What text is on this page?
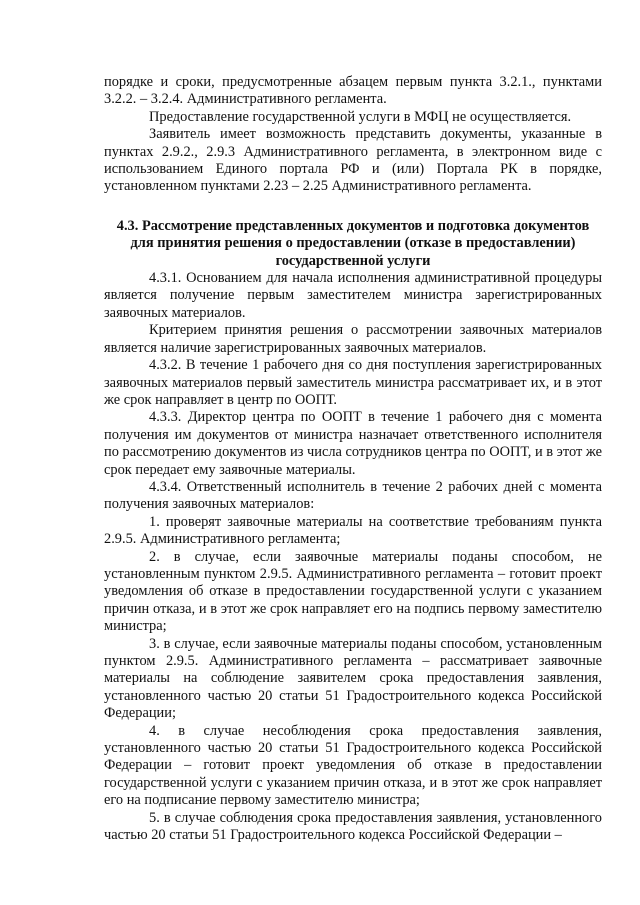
порядке и сроки, предусмотренные абзацем первым пункта 3.2.1., пунктами 3.2.2. – 3.2.4. Административного регламента.

Предоставление государственной услуги в МФЦ не осуществляется.

Заявитель имеет возможность представить документы, указанные в пунктах 2.9.2., 2.9.3 Административного регламента, в электронном виде с использованием Единого портала РФ и (или) Портала РК в порядке, установленном пунктами 2.23 – 2.25 Административного регламента.

4.3. Рассмотрение представленных документов и подготовка документов для принятия решения о предоставлении (отказе в предоставлении) государственной услуги

4.3.1. Основанием для начала исполнения административной процедуры является получение первым заместителем министра зарегистрированных заявочных материалов.

Критерием принятия решения о рассмотрении заявочных материалов является наличие зарегистрированных заявочных материалов.

4.3.2. В течение 1 рабочего дня со дня поступления зарегистрированных заявочных материалов первый заместитель министра рассматривает их, и в этот же срок направляет в центр по ООПТ.

4.3.3. Директор центра по ООПТ в течение 1 рабочего дня с момента получения им документов от министра назначает ответственного исполнителя по рассмотрению документов из числа сотрудников центра по ООПТ, и в этот же срок передает ему заявочные материалы.

4.3.4. Ответственный исполнитель в течение 2 рабочих дней с момента получения заявочных материалов:

1. проверят заявочные материалы на соответствие требованиям пункта 2.9.5. Административного регламента;

2. в случае, если заявочные материалы поданы способом, не установленным пунктом 2.9.5. Административного регламента – готовит проект уведомления об отказе в предоставлении государственной услуги с указанием причин отказа, и в этот же срок направляет его на подпись первому заместителю министра;

3. в случае, если заявочные материалы поданы способом, установленным пунктом 2.9.5. Административного регламента – рассматривает заявочные материалы на соблюдение заявителем срока предоставления заявления, установленного частью 20 статьи 51 Градостроительного кодекса Российской Федерации;

4. в случае несоблюдения срока предоставления заявления, установленного частью 20 статьи 51 Градостроительного кодекса Российской Федерации – готовит проект уведомления об отказе в предоставлении государственной услуги с указанием причин отказа, и в этот же срок направляет его на подписание первому заместителю министра;

5. в случае соблюдения срока предоставления заявления, установленного частью 20 статьи 51 Градостроительного кодекса Российской Федерации –
